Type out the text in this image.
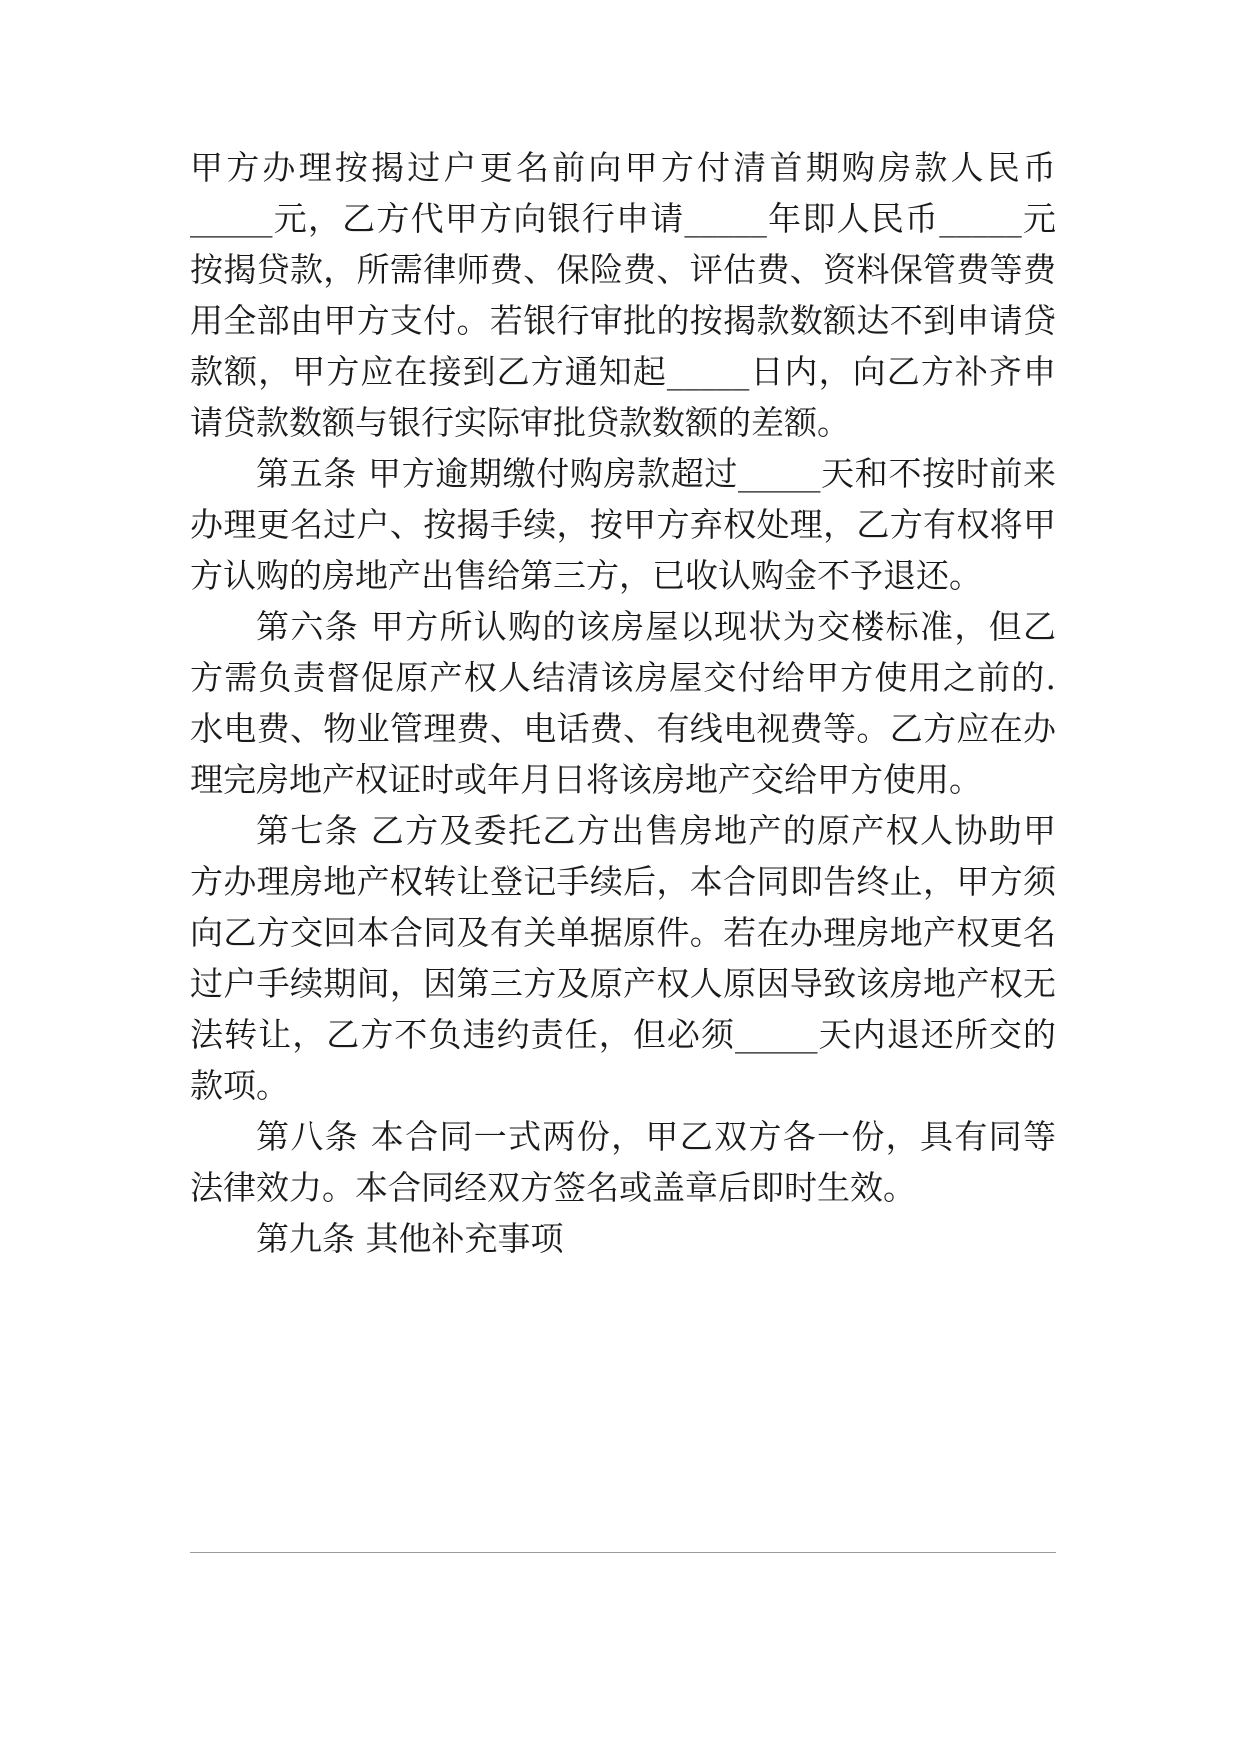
甲方办理按揭过户更名前向甲方付清首期购房款人民币
_____元，乙方代甲方向银行申请_____年即人民币_____元
按揭贷款，所需律师费、保险费、评估费、资料保管费等费
用全部由甲方支付。若银行审批的按揭款数额达不到申请贷
款额，甲方应在接到乙方通知起_____日内，向乙方补齐申
请贷款数额与银行实际审批贷款数额的差额。
第五条 甲方逾期缴付购房款超过_____天和不按时前来
办理更名过户、按揭手续，按甲方弃权处理，乙方有权将甲
方认购的房地产出售给第三方，已收认购金不予退还。
第六条 甲方所认购的该房屋以现状为交楼标准，但乙
方需负责督促原产权人结清该房屋交付给甲方使用之前的.
水电费、物业管理费、电话费、有线电视费等。乙方应在办
理完房地产权证时或年月日将该房地产交给甲方使用。
第七条 乙方及委托乙方出售房地产的原产权人协助甲
方办理房地产权转让登记手续后，本合同即告终止，甲方须
向乙方交回本合同及有关单据原件。若在办理房地产权更名
过户手续期间，因第三方及原产权人原因导致该房地产权无
法转让，乙方不负违约责任，但必须_____天内退还所交的
款项。
第八条 本合同一式两份，甲乙双方各一份，具有同等
法律效力。本合同经双方签名或盖章后即时生效。
第九条 其他补充事项
